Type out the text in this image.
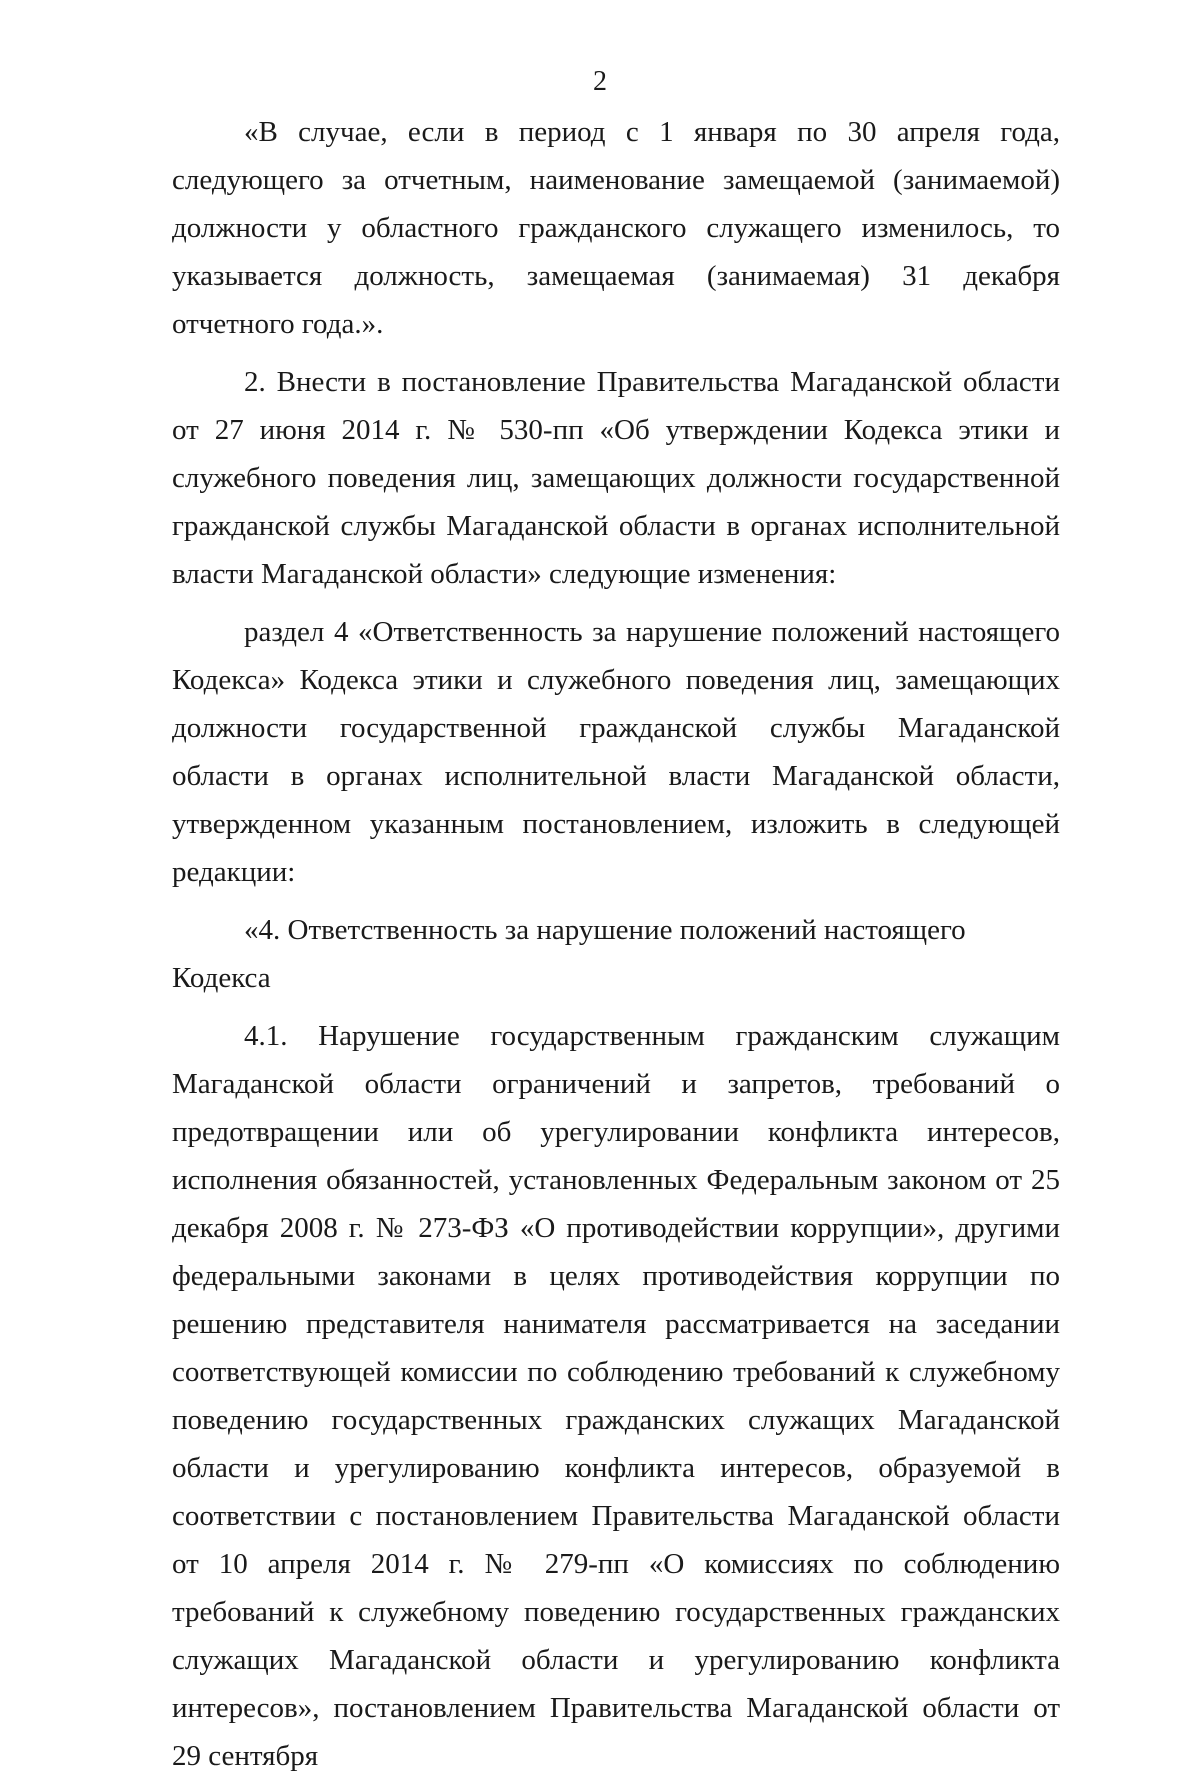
2

«В случае, если в период с 1 января по 30 апреля года, следующего за отчетным, наименование замещаемой (занимаемой) должности у областного гражданского служащего изменилось, то указывается должность, замещаемая (занимаемая) 31 декабря отчетного года.».

2. Внести в постановление Правительства Магаданской области от 27 июня 2014 г. № 530-пп «Об утверждении Кодекса этики и служебного поведения лиц, замещающих должности государственной гражданской службы Магаданской области в органах исполнительной власти Магаданской области» следующие изменения:

раздел 4 «Ответственность за нарушение положений настоящего Кодекса» Кодекса этики и служебного поведения лиц, замещающих должности государственной гражданской службы Магаданской области в органах исполнительной власти Магаданской области, утвержденном указанным постановлением, изложить в следующей редакции:

«4. Ответственность за нарушение положений настоящего Кодекса

4.1. Нарушение государственным гражданским служащим Магаданской области ограничений и запретов, требований о предотвращении или об урегулировании конфликта интересов, исполнения обязанностей, установленных Федеральным законом от 25 декабря 2008 г. № 273-ФЗ «О противодействии коррупции», другими федеральными законами в целях противодействия коррупции по решению представителя нанимателя рассматривается на заседании соответствующей комиссии по соблюдению требований к служебному поведению государственных гражданских служащих Магаданской области и урегулированию конфликта интересов, образуемой в соответствии с постановлением Правительства Магаданской области от 10 апреля 2014 г. № 279-пп «О комиссиях по соблюдению требований к служебному поведению государственных гражданских служащих Магаданской области и урегулированию конфликта интересов», постановлением Правительства Магаданской области от 29 сентября
